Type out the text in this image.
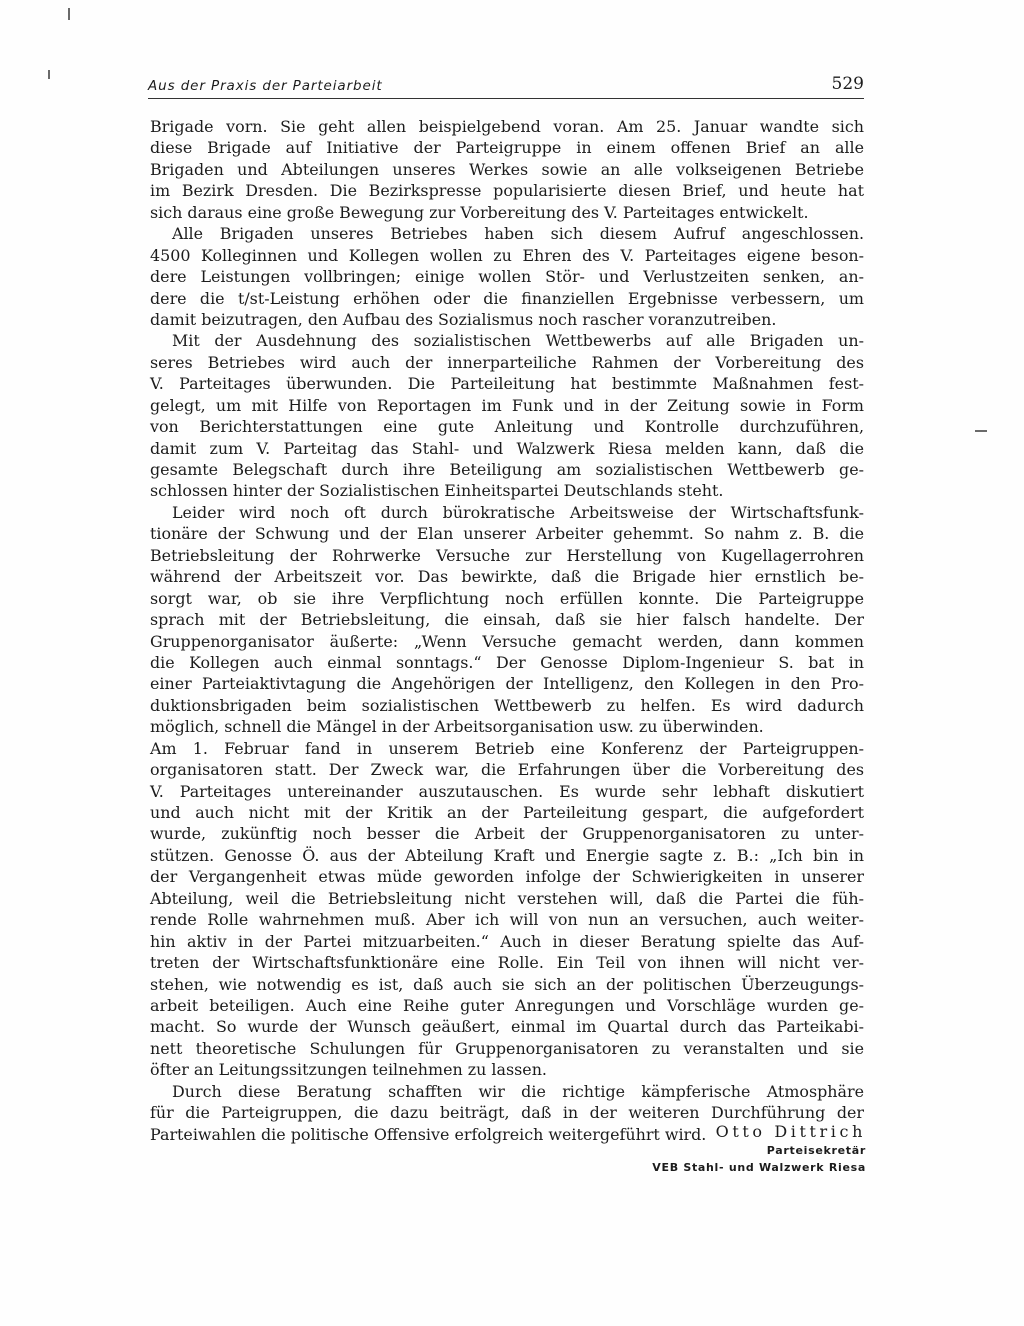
Aus der Praxis der Parteiarbeit	529
Brigade vorn. Sie geht allen beispielgebend voran. Am 25. Januar wandte sich
diese Brigade auf Initiative der Parteigruppe in einem offenen Brief an alle
Brigaden und Abteilungen unseres Werkes sowie an alle volkseigenen Betriebe
im Bezirk Dresden. Die Bezirkspresse popularisierte diesen Brief, und heute hat
sich daraus eine große Bewegung zur Vorbereitung des V. Parteitages entwickelt.
Alle Brigaden unseres Betriebes haben sich diesem Aufruf angeschlossen.
4500 Kolleginnen und Kollegen wollen zu Ehren des V. Parteitages eigene beson-
dere Leistungen vollbringen; einige wollen Stör- und Verlustzeiten senken, an-
dere die t/st-Leistung erhöhen oder die finanziellen Ergebnisse verbessern, um
damit beizutragen, den Aufbau des Sozialismus noch rascher voranzutreiben.
Mit der Ausdehnung des sozialistischen Wettbewerbs auf alle Brigaden un-
seres Betriebes wird auch der innerparteiliche Rahmen der Vorbereitung des
V. Parteitages überwunden. Die Parteileitung hat bestimmte Maßnahmen fest-
gelegt, um mit Hilfe von Reportagen im Funk und in der Zeitung sowie in Form
von Berichterstattungen eine gute Anleitung und Kontrolle durchzuführen,
damit zum V. Parteitag das Stahl- und Walzwerk Riesa melden kann, daß die
gesamte Belegschaft durch ihre Beteiligung am sozialistischen Wettbewerb ge-
schlossen hinter der Sozialistischen Einheitspartei Deutschlands steht.
Leider wird noch oft durch bürokratische Arbeitsweise der Wirtschaftsfunk-
tionäre der Schwung und der Elan unserer Arbeiter gehemmt. So nahm z. B. die
Betriebsleitung der Rohrwerke Versuche zur Herstellung von Kugellagerrohren
während der Arbeitszeit vor. Das bewirkte, daß die Brigade hier ernstlich be-
sorgt war, ob sie ihre Verpflichtung noch erfüllen konnte. Die Parteigruppe
sprach mit der Betriebsleitung, die einsah, daß sie hier falsch handelte. Der
Gruppenorganisator äußerte: „Wenn Versuche gemacht werden, dann kommen
die Kollegen auch einmal sonntags.“ Der Genosse Diplom-Ingenieur S. bat in
einer Parteiaktivtagung die Angehörigen der Intelligenz, den Kollegen in den Pro-
duktionsbrigaden beim sozialistischen Wettbewerb zu helfen. Es wird dadurch
möglich, schnell die Mängel in der Arbeitsorganisation usw. zu überwinden.
Am 1. Februar fand in unserem Betrieb eine Konferenz der Parteigruppen-
organisatoren statt. Der Zweck war, die Erfahrungen über die Vorbereitung des
V. Parteitages untereinander auszutauschen. Es wurde sehr lebhaft diskutiert
und auch nicht mit der Kritik an der Parteileitung gespart, die aufgefordert
wurde, zukünftig noch besser die Arbeit der Gruppenorganisatoren zu unter-
stützen. Genosse Ö. aus der Abteilung Kraft und Energie sagte z. B.: „Ich bin in
der Vergangenheit etwas müde geworden infolge der Schwierigkeiten in unserer
Abteilung, weil die Betriebsleitung nicht verstehen will, daß die Partei die füh-
rende Rolle wahrnehmen muß. Aber ich will von nun an versuchen, auch weiter-
hin aktiv in der Partei mitzuarbeiten.“ Auch in dieser Beratung spielte das Auf-
treten der Wirtschaftsfunktionäre eine Rolle. Ein Teil von ihnen will nicht ver-
stehen, wie notwendig es ist, daß auch sie sich an der politischen Überzeugungs-
arbeit beteiligen. Auch eine Reihe guter Anregungen und Vorschläge wurden ge-
macht. So wurde der Wunsch geäußert, einmal im Quartal durch das Parteikabi-
nett theoretische Schulungen für Gruppenorganisatoren zu veranstalten und sie
öfter an Leitungssitzungen teilnehmen zu lassen.
Durch diese Beratung schafften wir die richtige kämpferische Atmosphäre
für die Parteigruppen, die dazu beiträgt, daß in der weiteren Durchführung der
Parteiwahlen die politische Offensive erfolgreich weitergeführt wird. Otto Dittrich
Parteisekretär
VEB Stahl- und Walzwerk Riesa
